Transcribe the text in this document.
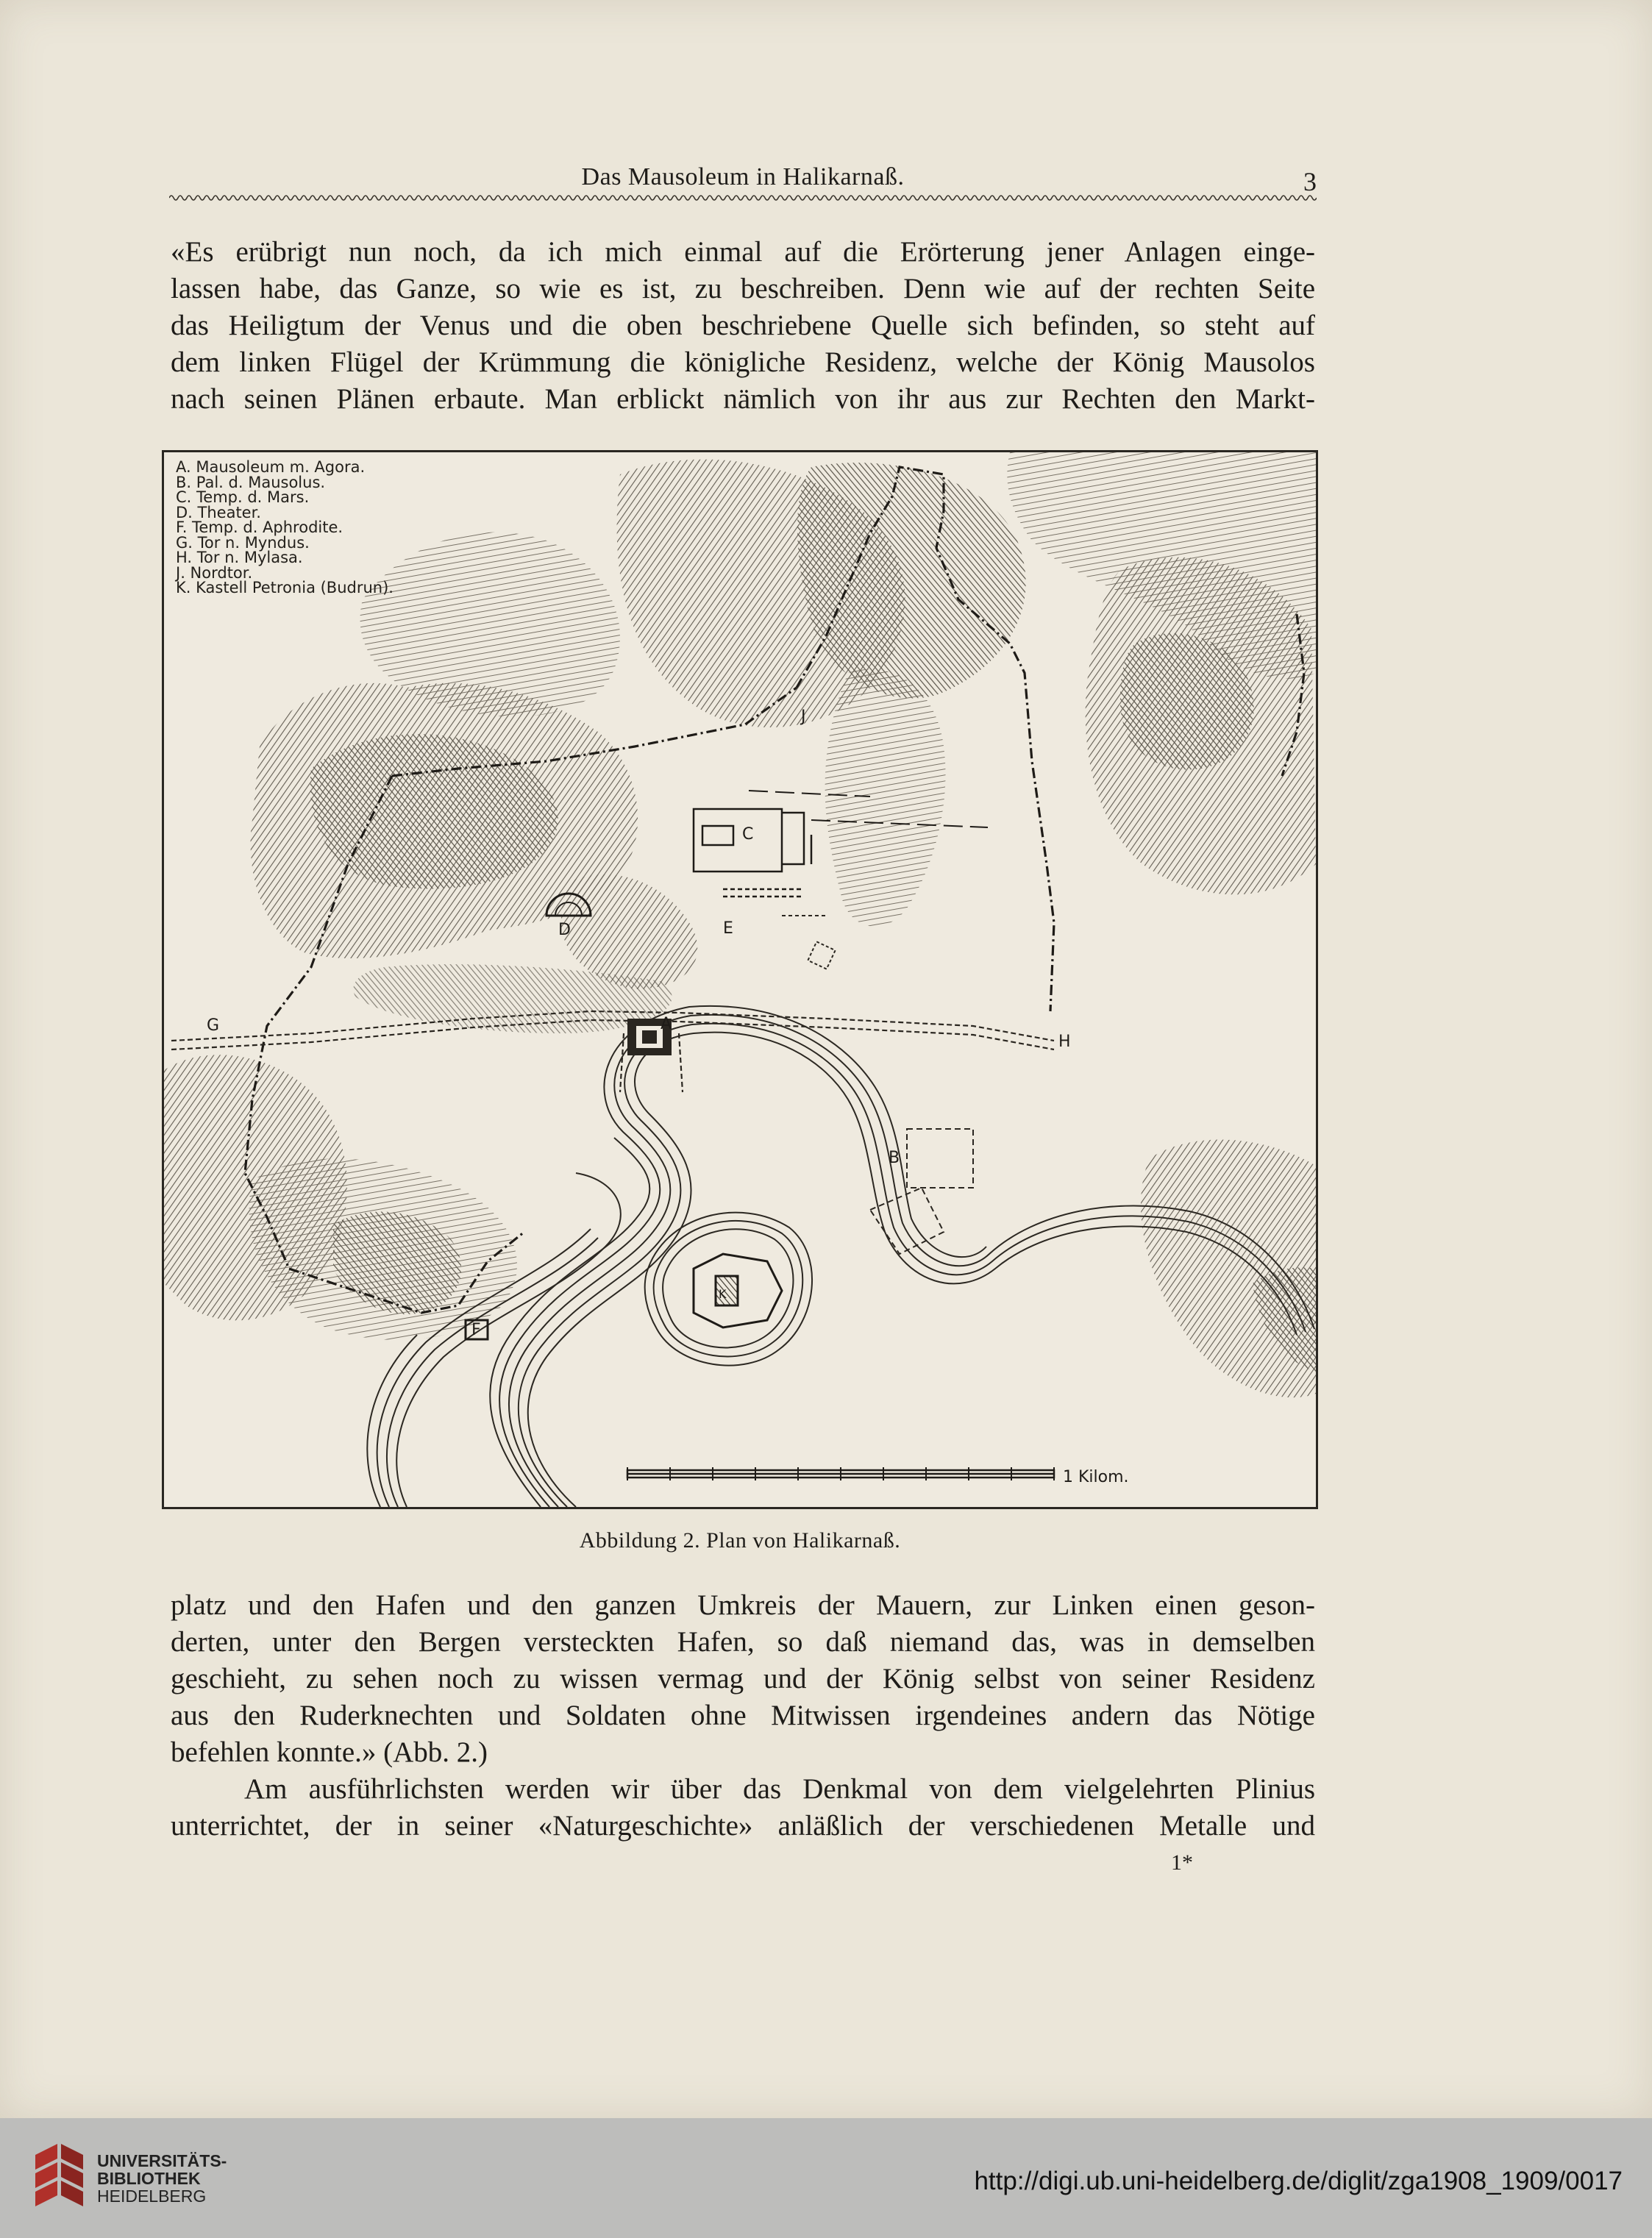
Das Mausoleum in Halikarnaß.	3

«Es erübrigt nun noch, da ich mich einmal auf die Erörterung jener Anlagen einge-
lassen habe, das Ganze, so wie es ist, zu beschreiben. Denn wie auf der rechten Seite
das Heiligtum der Venus und die oben beschriebene Quelle sich befinden, so steht auf
dem linken Flügel der Krümmung die königliche Residenz, welche der König Mausolos
nach seinen Plänen erbaute. Man erblickt nämlich von ihr aus zur Rechten den Markt-

A. Mausoleum m. Agora.
B. Pal. d. Mausolus.
C. Temp. d. Mars.
D. Theater.
F. Temp. d. Aphrodite.
G. Tor n. Myndus.
H. Tor n. Mylasa.
J. Nordtor.
K. Kastell Petronia (Budrun).
A
B
C
D	E
F
G
H
J
K
1 Kilom.
Abbildung 2. Plan von Halikarnaß.

platz und den Hafen und den ganzen Umkreis der Mauern, zur Linken einen geson-
derten, unter den Bergen versteckten Hafen, so daß niemand das, was in demselben
geschieht, zu sehen noch zu wissen vermag und der König selbst von seiner Residenz
aus den Ruderknechten und Soldaten ohne Mitwissen irgendeines andern das Nötige
befehlen konnte.» (Abb. 2.)

Am ausführlichsten werden wir über das Denkmal von dem vielgelehrten Plinius
unterrichtet, der in seiner «Naturgeschichte» anläßlich der verschiedenen Metalle und

1*
UNIVERSITÄTS-
BIBLIOTHEK
HEIDELBERG
http://digi.ub.uni-heidelberg.de/diglit/zga1908_1909/0017
